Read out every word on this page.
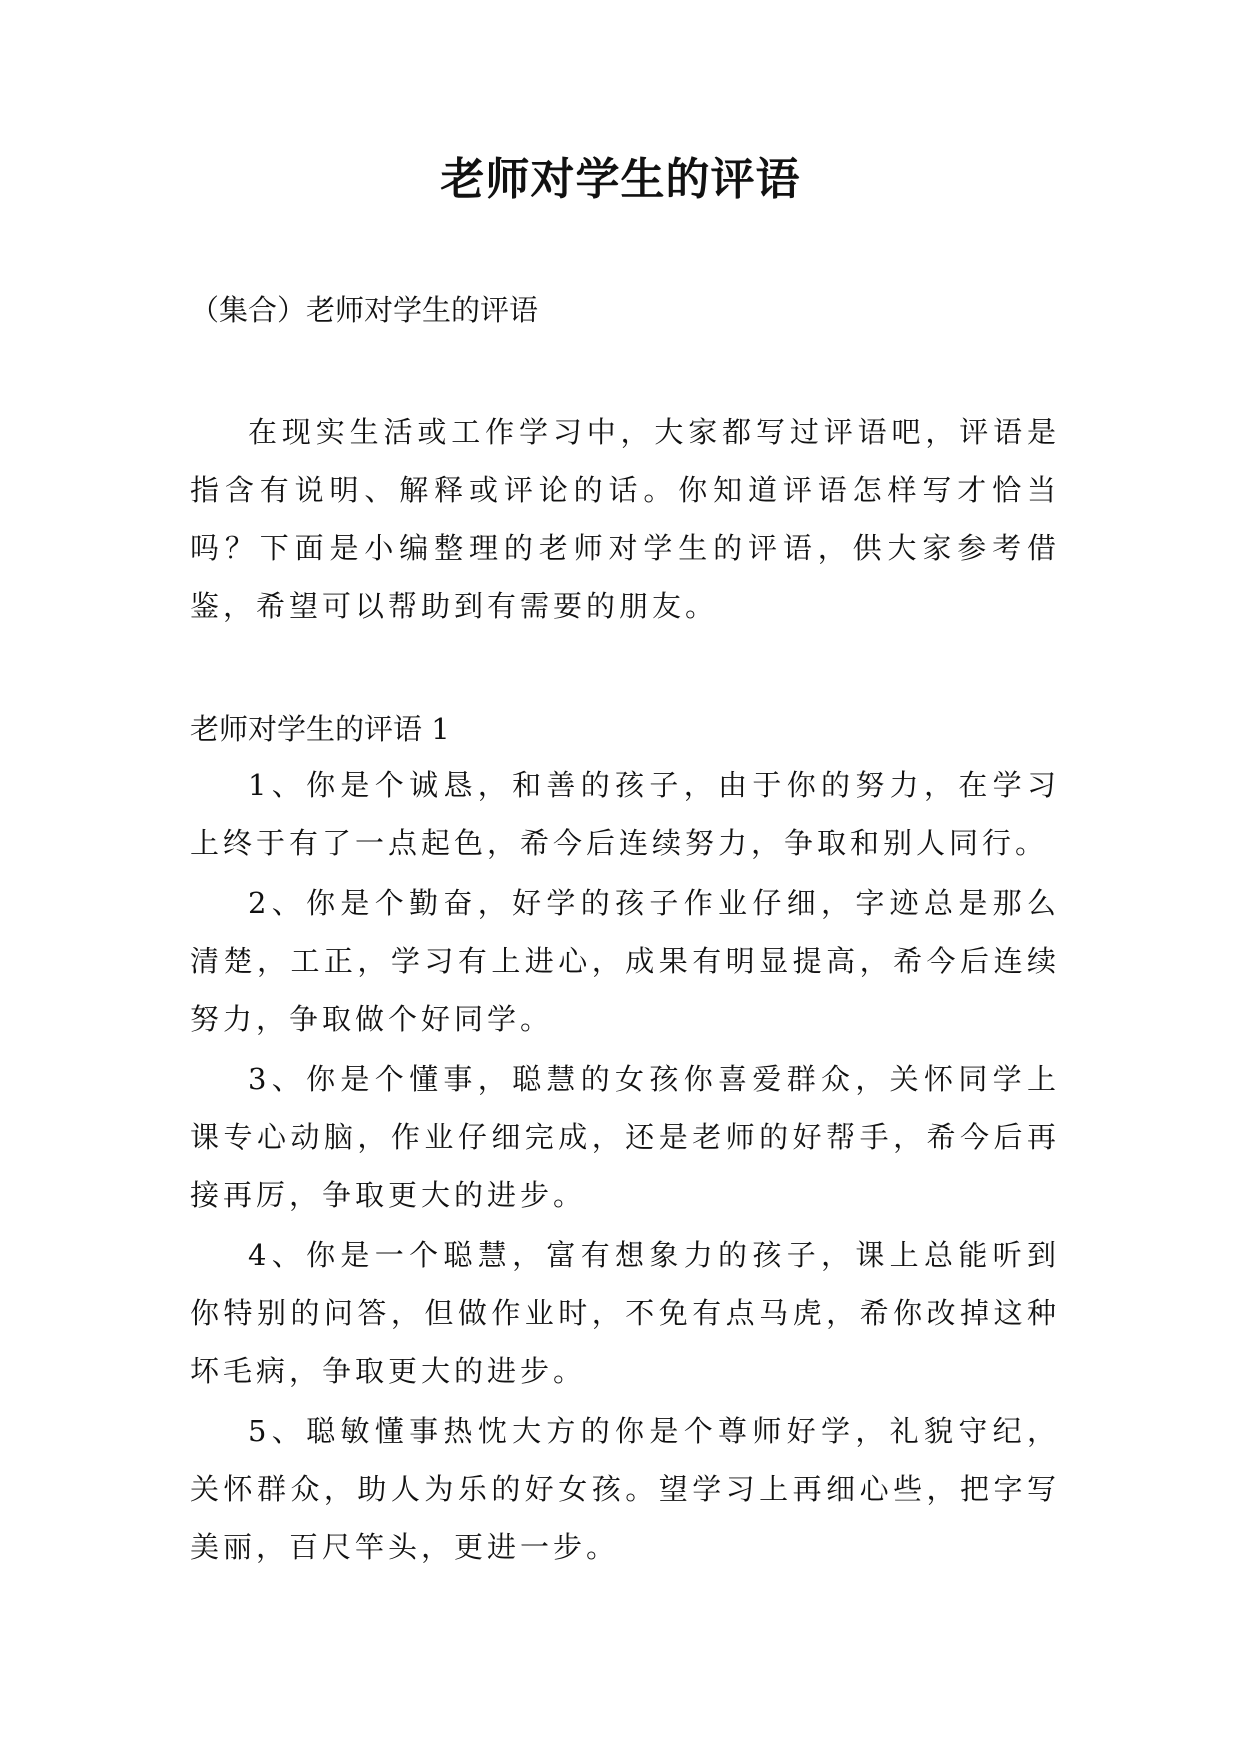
老师对学生的评语
（集合）老师对学生的评语
在现实生活或工作学习中，大家都写过评语吧，评语是指含有说明、解释或评论的话。你知道评语怎样写才恰当吗？下面是小编整理的老师对学生的评语，供大家参考借鉴，希望可以帮助到有需要的朋友。
老师对学生的评语 1
1、你是个诚恳，和善的孩子，由于你的努力，在学习上终于有了一点起色，希今后连续努力，争取和别人同行。
2、你是个勤奋，好学的孩子作业仔细，字迹总是那么清楚，工正，学习有上进心，成果有明显提高，希今后连续努力，争取做个好同学。
3、你是个懂事，聪慧的女孩你喜爱群众，关怀同学上课专心动脑，作业仔细完成，还是老师的好帮手，希今后再接再厉，争取更大的进步。
4、你是一个聪慧，富有想象力的孩子，课上总能听到你特别的问答，但做作业时，不免有点马虎，希你改掉这种坏毛病，争取更大的进步。
5、聪敏懂事热忱大方的你是个尊师好学，礼貌守纪，关怀群众，助人为乐的好女孩。望学习上再细心些，把字写美丽，百尺竿头，更进一步。
